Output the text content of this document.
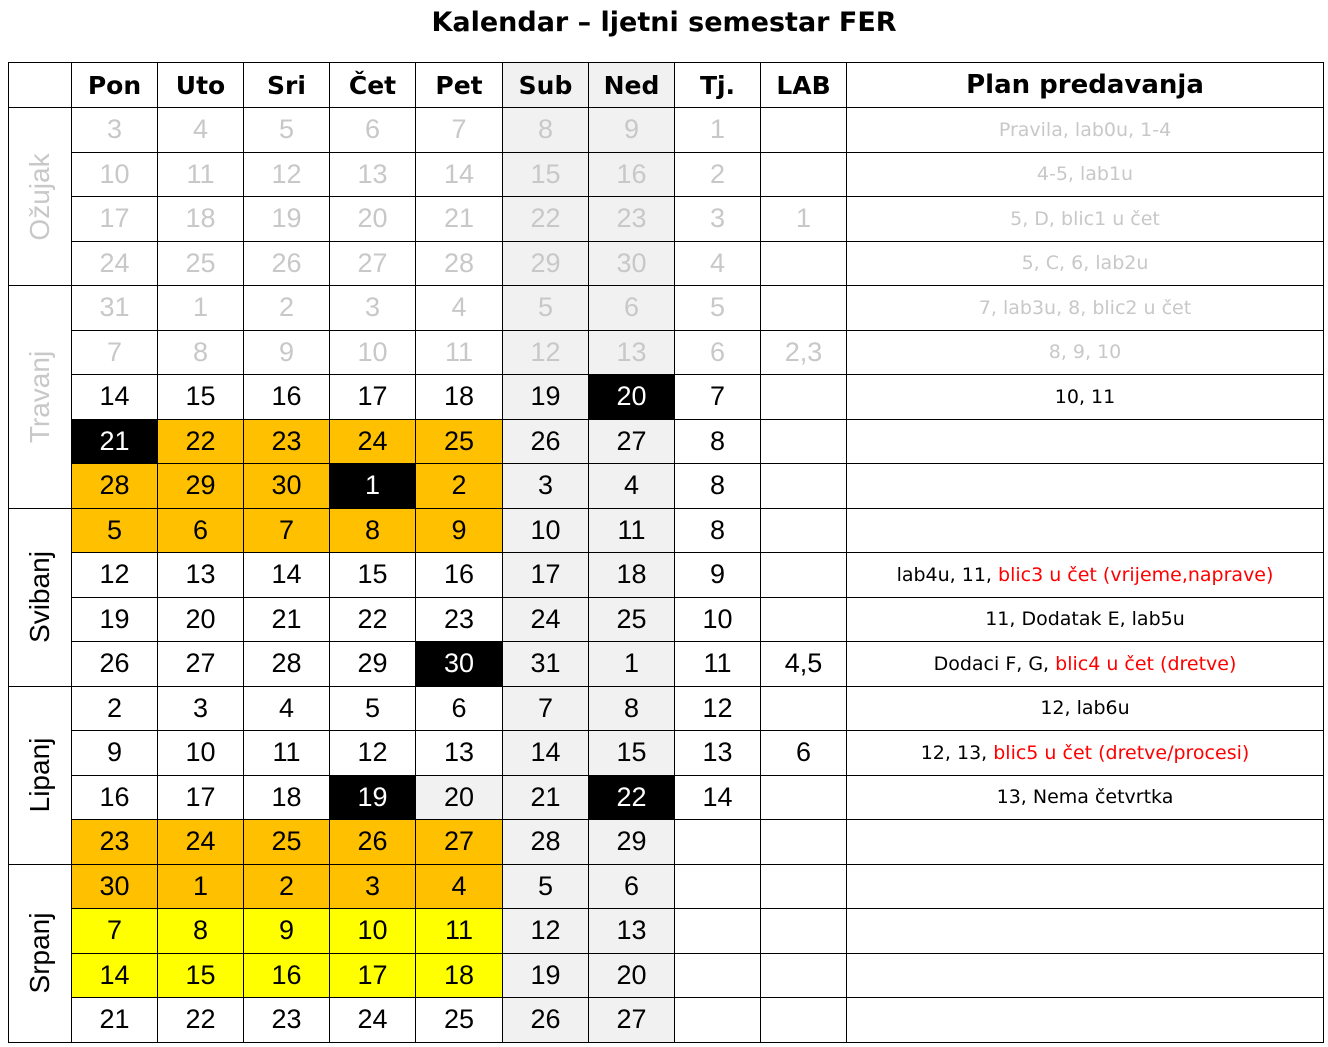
Kalendar – ljetni semestar FER
	Pon	Uto	Sri	Čet	Pet	Sub	Ned	Tj.	LAB	Plan predavanja

Ožujak	3	4	5	6	7	8	9	1		Pravila, lab0u, 1-4
	10	11	12	13	14	15	16	2		4-5, lab1u
	17	18	19	20	21	22	23	3	1	5, D, blic1 u čet
	24	25	26	27	28	29	30	4		5, C, 6, lab2u

Travanj	31	1	2	3	4	5	6	5		7, lab3u, 8, blic2 u čet
	7	8	9	10	11	12	13	6	2,3	8, 9, 10
	14	15	16	17	18	19	20	7		10, 11
	21	22	23	24	25	26	27	8		
	28	29	30	1	2	3	4	8		

Svibanj	5	6	7	8	9	10	11	8		
	12	13	14	15	16	17	18	9		lab4u, 11, blic3 u čet (vrijeme,naprave)
	19	20	21	22	23	24	25	10		11, Dodatak E, lab5u
	26	27	28	29	30	31	1	11	4,5	Dodaci F, G, blic4 u čet (dretve)

Lipanj	2	3	4	5	6	7	8	12		12, lab6u
	9	10	11	12	13	14	15	13	6	12, 13, blic5 u čet (dretve/procesi)
	16	17	18	19	20	21	22	14		13, Nema četvrtka
	23	24	25	26	27	28	29			

Srpanj	30	1	2	3	4	5	6			
	7	8	9	10	11	12	13			
	14	15	16	17	18	19	20			
	21	22	23	24	25	26	27			
